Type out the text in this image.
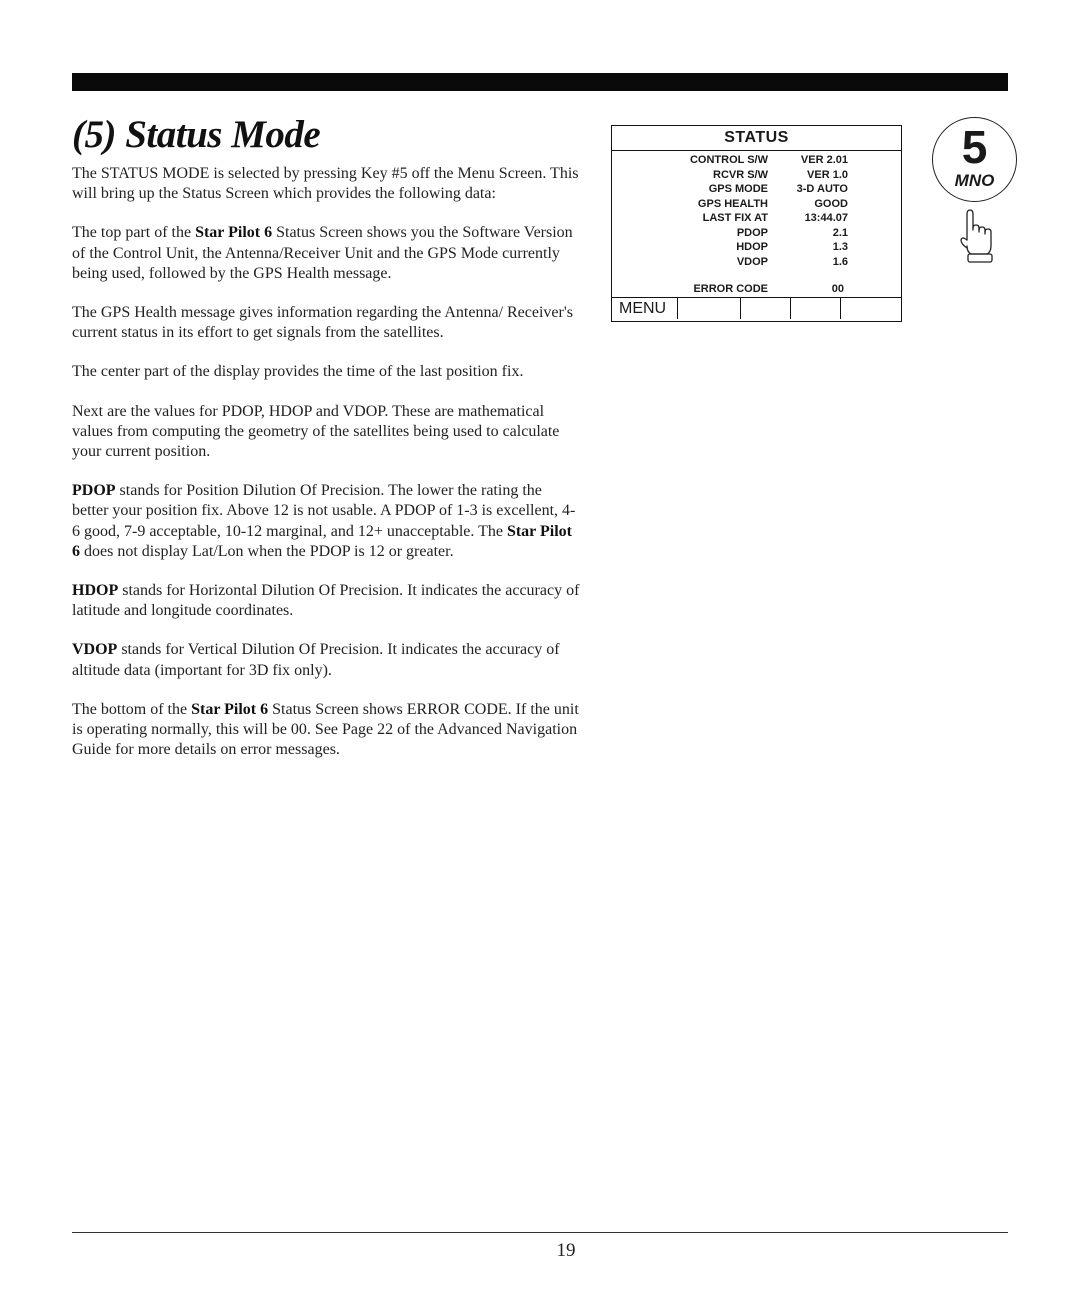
(5) Status Mode

The STATUS MODE is selected by pressing Key #5 off the Menu Screen. This will bring up the Status Screen which provides the following data:

The top part of the Star Pilot 6 Status Screen shows you the Software Version of the Control Unit, the Antenna/Receiver Unit and the GPS Mode currently being used, followed by the GPS Health message.

The GPS Health message gives information regarding the Antenna/ Receiver's current status in its effort to get signals from the satellites.

The center part of the display provides the time of the last position fix.

Next are the values for PDOP, HDOP and VDOP. These are mathematical values from computing the geometry of the satellites being used to calculate your current position.

PDOP stands for Position Dilution Of Precision. The lower the rating the better your position fix. Above 12 is not usable. A PDOP of 1-3 is excellent, 4-6 good, 7-9 acceptable, 10-12 marginal, and 12+ unacceptable. The Star Pilot 6 does not display Lat/Lon when the PDOP is 12 or greater.

HDOP stands for Horizontal Dilution Of Precision. It indicates the accuracy of latitude and longitude coordinates.

VDOP stands for Vertical Dilution Of Precision. It indicates the accuracy of altitude data (important for 3D fix only).

The bottom of the Star Pilot 6 Status Screen shows ERROR CODE. If the unit is operating normally, this will be 00. See Page 22 of the Advanced Navigation Guide for more details on error messages.

STATUS
CONTROL S/W	VER 2.01
RCVR S/W	VER 1.0
GPS MODE	3-D AUTO
GPS HEALTH	GOOD
LAST FIX AT	13:44.07
PDOP	2.1
HDOP	1.3
VDOP	1.6
ERROR CODE	00
MENU
5
MNO
19
